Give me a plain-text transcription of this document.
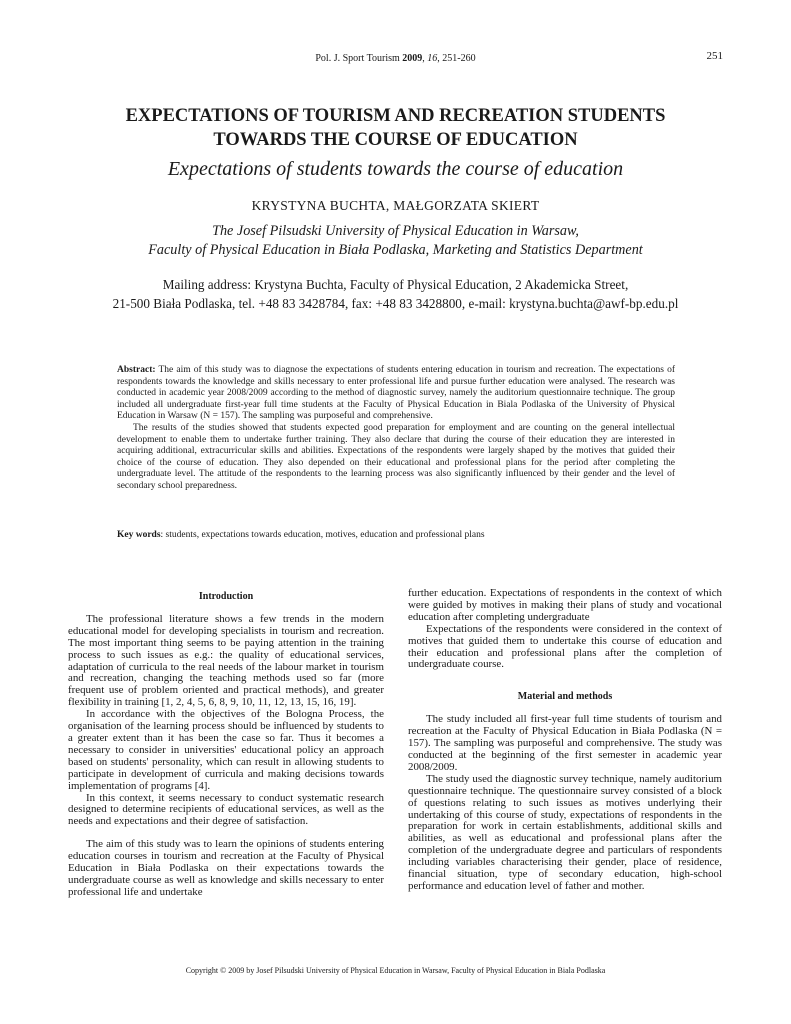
Pol. J. Sport Tourism 2009, 16, 251-260	251
EXPECTATIONS OF TOURISM AND RECREATION STUDENTS
TOWARDS THE COURSE OF EDUCATION
Expectations of students towards the course of education
KRYSTYNA BUCHTA, MAŁGORZATA SKIERT
The Josef Pilsudski University of Physical Education in Warsaw,
Faculty of Physical Education in Biała Podlaska, Marketing and Statistics Department
Mailing address: Krystyna Buchta, Faculty of Physical Education, 2 Akademicka Street,
21-500 Biała Podlaska, tel. +48 83 3428784, fax: +48 83 3428800, e-mail: krystyna.buchta@awf-bp.edu.pl

Abstract: The aim of this study was to diagnose the expectations of students entering education in tourism and recreation. The expectations of respondents towards the knowledge and skills necessary to enter professional life and pursue further education were analysed. The research was conducted in academic year 2008/2009 according to the method of diagnostic survey, namely the auditorium questionnaire technique. The group included all undergraduate first-year full time students at the Faculty of Physical Education in Biala Podlaska of the University of Physical Education in Warsaw (N = 157). The sampling was purposeful and comprehensive.

The results of the studies showed that students expected good preparation for employment and are counting on the general intellectual development to enable them to undertake further training. They also declare that during the course of their education they are interested in acquiring additional, extracurricular skills and abilities. Expectations of the respondents were largely shaped by the motives that guided their choice of the course of education. They also depended on their educational and professional plans for the period after completing the undergraduate level. The attitude of the respondents to the learning process was also significantly influenced by their gender and the level of secondary school preparedness.

Key words: students, expectations towards education, motives, education and professional plans
Introduction

The professional literature shows a few trends in the modern educational model for developing specialists in tourism and recreation. The most important thing seems to be paying attention in the training process to such issues as e.g.: the quality of educational services, adaptation of curricula to the real needs of the labour market in tourism and recreation, changing the teaching methods used so far (more frequent use of problem oriented and practical methods), and greater flexibility in training [1, 2, 4, 5, 6, 8, 9, 10, 11, 12, 13, 15, 16, 19].

In accordance with the objectives of the Bologna Process, the organisation of the learning process should be influenced by students to a greater extent than it has been the case so far. Thus it becomes a necessary to consider in universities' educational policy an approach based on students' personality, which can result in allowing students to participate in development of curricula and making decisions towards implementation of programs [4].

In this context, it seems necessary to conduct systematic research designed to determine recipients of educational services, as well as the needs and expectations and their degree of satisfaction.

The aim of this study was to learn the opinions of students entering education courses in tourism and recreation at the Faculty of Physical Education in Biała Podlaska on their expectations towards the undergraduate course as well as knowledge and skills necessary to enter professional life and undertake

further education. Expectations of respondents in the context of which were guided by motives in making their plans of study and vocational education after completing undergraduate

Expectations of the respondents were considered in the context of motives that guided them to undertake this course of education and their education and professional plans after the completion of undergraduate course.

Material and methods

The study included all first-year full time students of tourism and recreation at the Faculty of Physical Education in Biała Podlaska (N = 157). The sampling was purposeful and comprehensive. The study was conducted at the beginning of the first semester in academic year 2008/2009.

The study used the diagnostic survey technique, namely auditorium questionnaire technique. The questionnaire survey consisted of a block of questions relating to such issues as motives underlying their undertaking of this course of study, expectations of respondents in the preparation for work in certain establishments, additional skills and abilities, as well as educational and professional plans after the completion of the undergraduate degree and particulars of respondents including variables characterising their gender, place of residence, financial situation, type of secondary education, high-school performance and education level of father and mother.

Copyright © 2009 by Josef Pilsudski University of Physical Education in Warsaw, Faculty of Physical Education in Biala Podlaska
